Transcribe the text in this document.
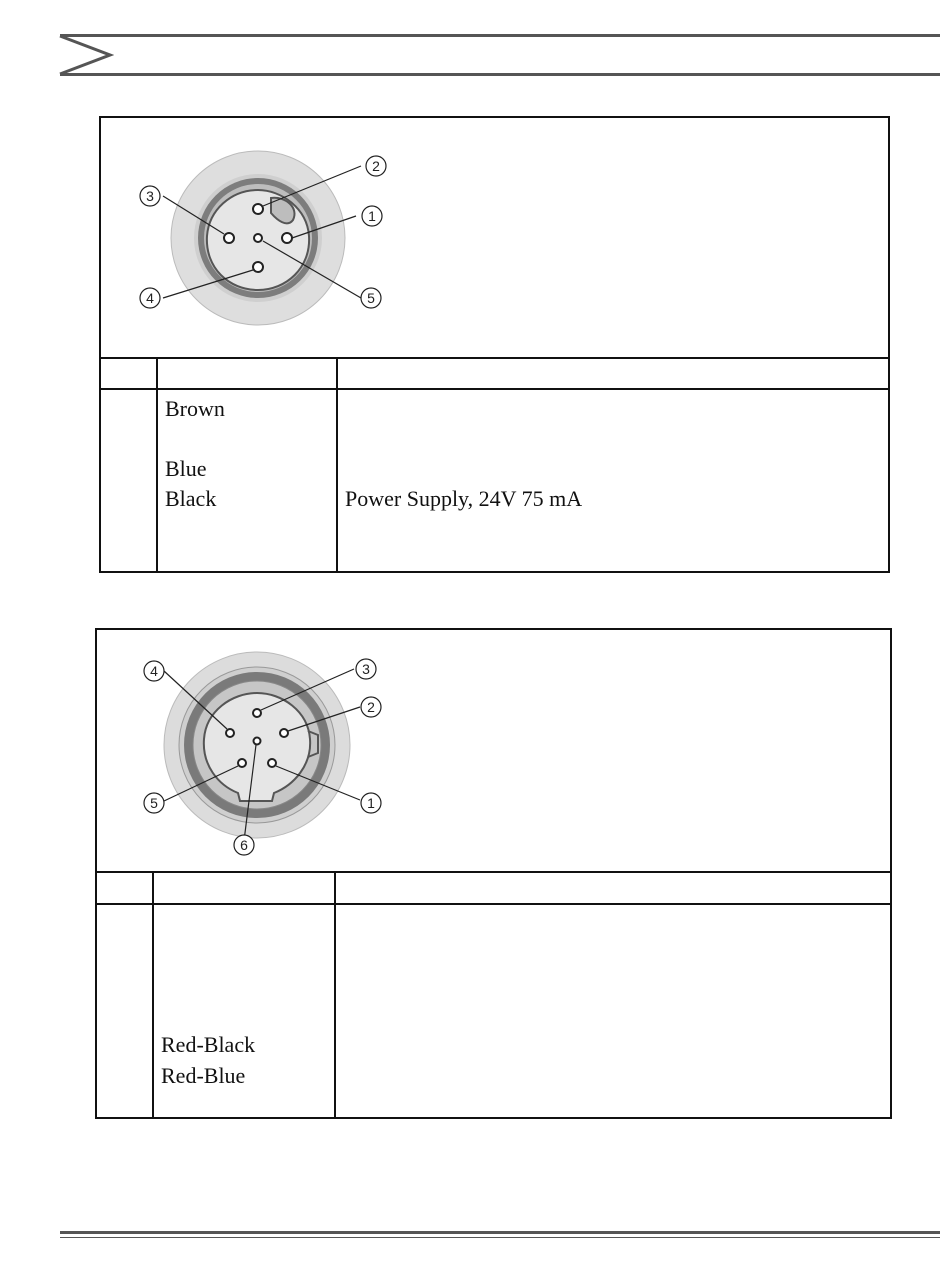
1
2
3
4	5
Brown
Blue
Black	Power Supply, 24V 75 mA
1
2
3
4
5
6
Red-Black
Red-Blue
